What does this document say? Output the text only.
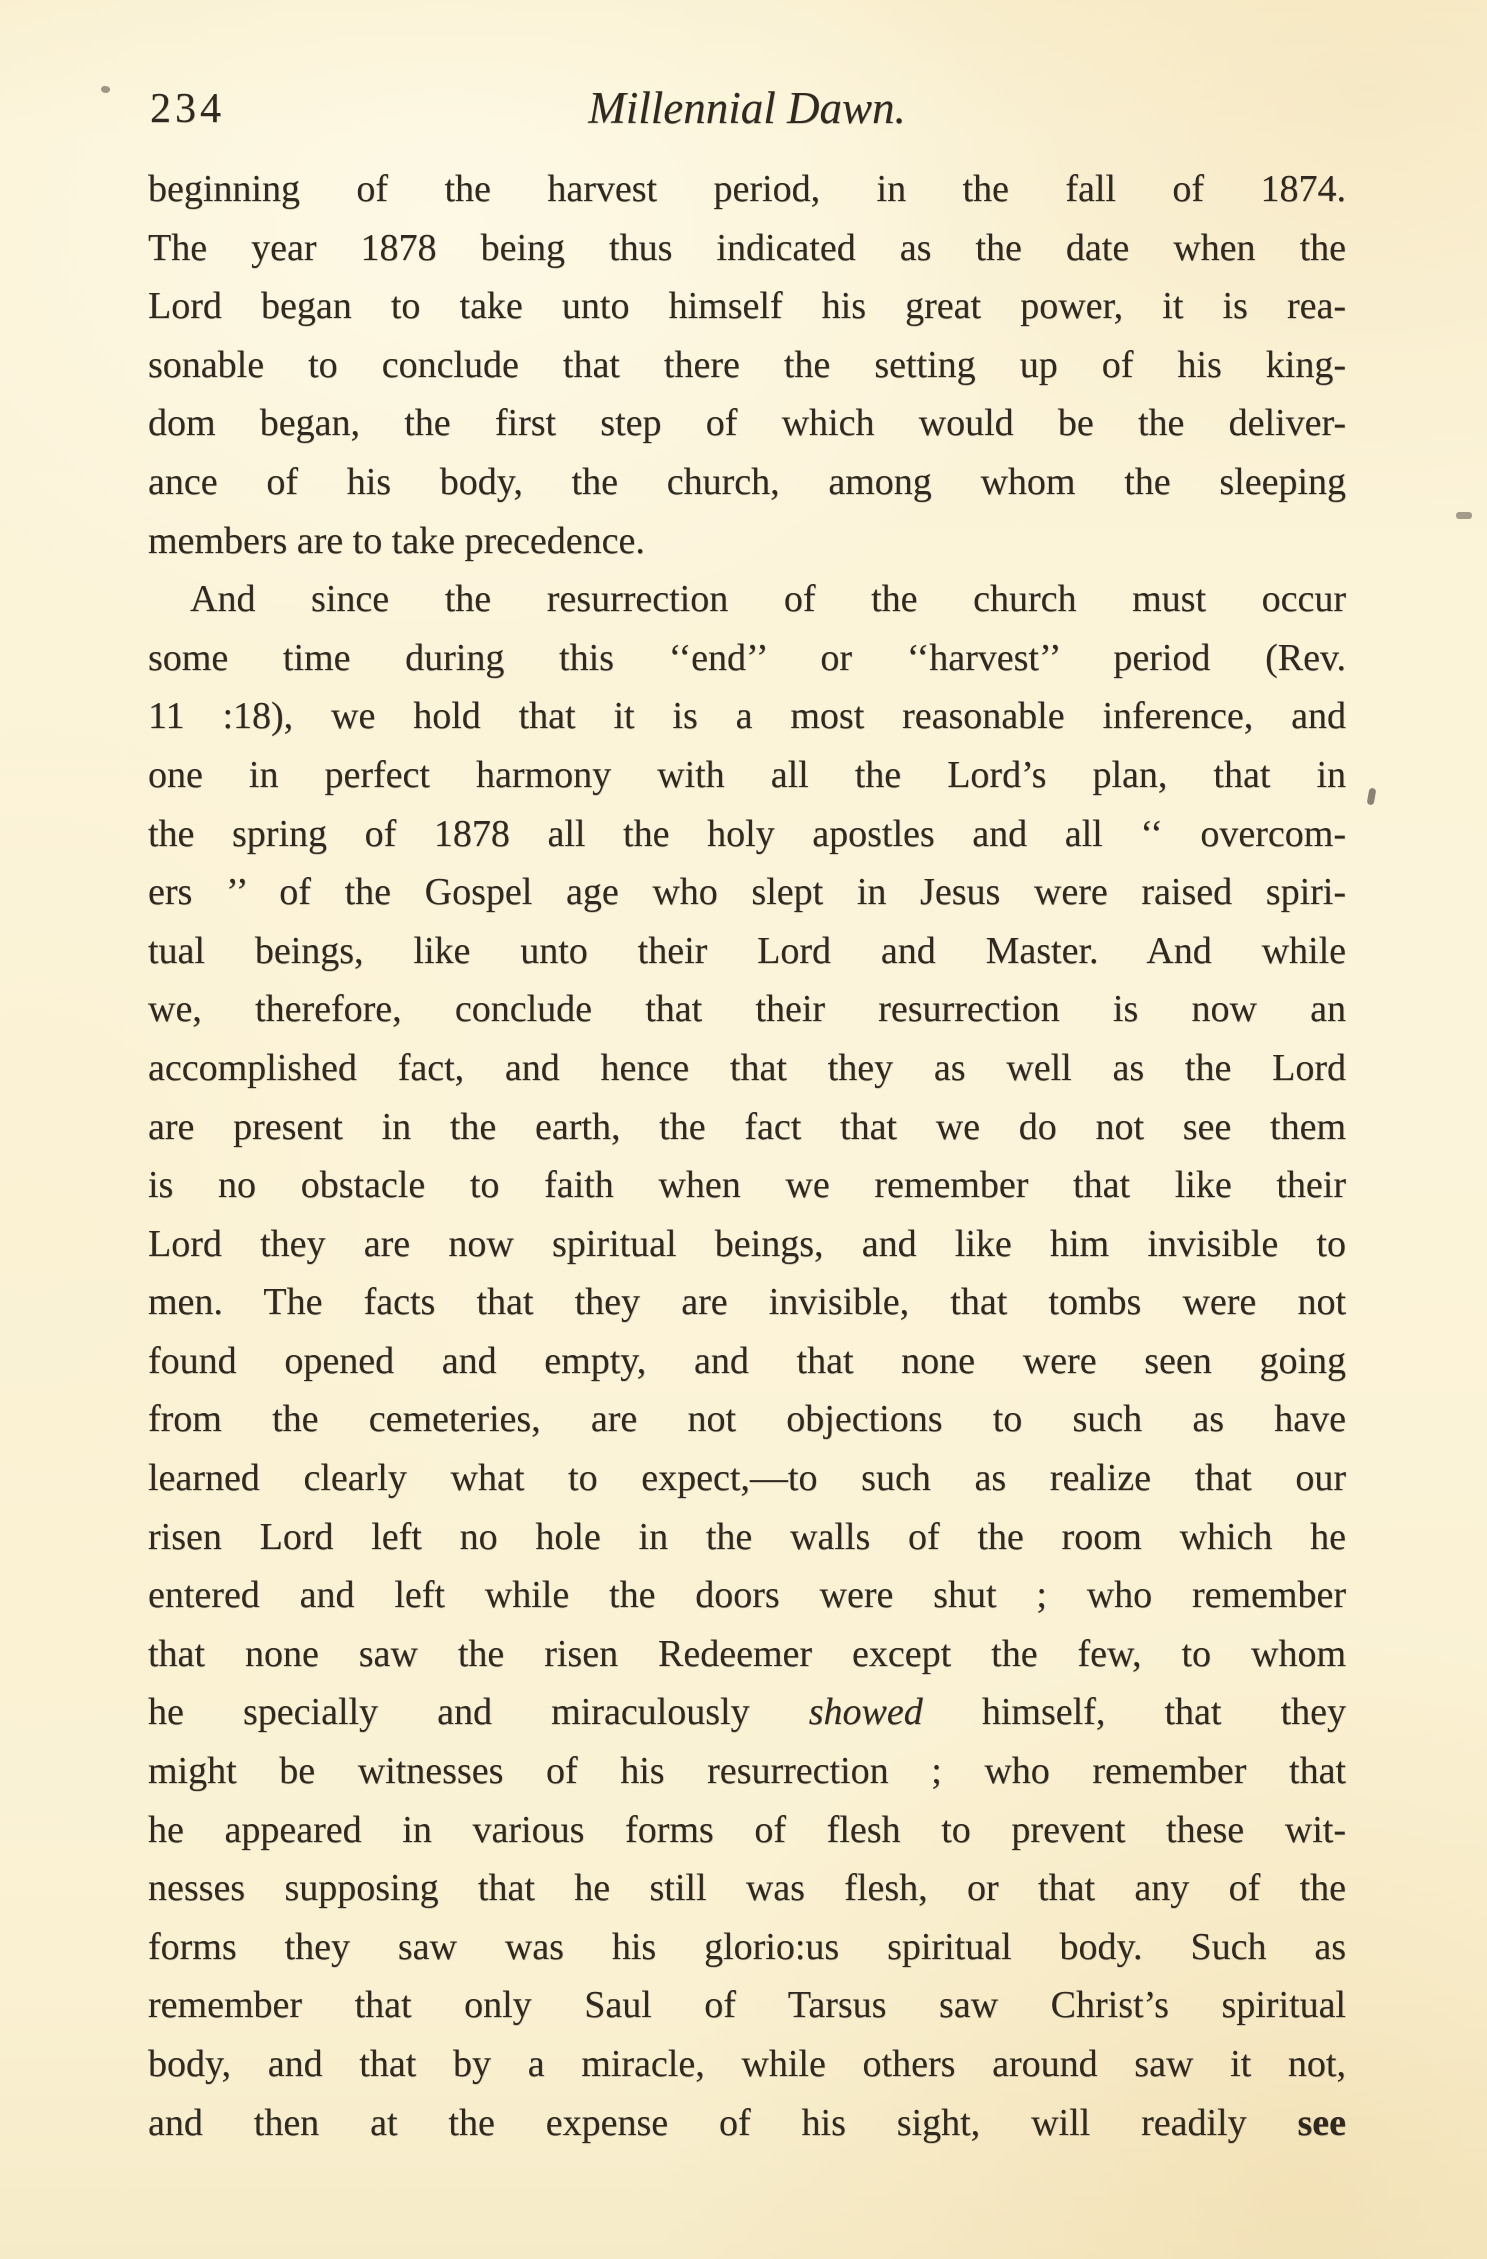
234	Millennial Dawn.
beginning of the harvest period, in the fall of 1874.
The year 1878 being thus indicated as the date when the
Lord began to take unto himself his great power, it is rea-
sonable to conclude that there the setting up of his king-
dom began, the first step of which would be the deliver-
ance of his body, the church, among whom the sleeping
members are to take precedence.
And since the resurrection of the church must occur
some time during this ‘‘end’’ or ‘‘harvest’’ period (Rev.
11 :18), we hold that it is a most reasonable inference, and
one in perfect harmony with all the Lord’s plan, that in
the spring of 1878 all the holy apostles and all ‘‘ overcom-
ers ’’ of the Gospel age who slept in Jesus were raised spiri-
tual beings, like unto their Lord and Master. And while
we, therefore, conclude that their resurrection is now an
accomplished fact, and hence that they as well as the Lord
are present in the earth, the fact that we do not see them
is no obstacle to faith when we remember that like their
Lord they are now spiritual beings, and like him invisible to
men. The facts that they are invisible, that tombs were not
found opened and empty, and that none were seen going
from the cemeteries, are not objections to such as have
learned clearly what to expect,—to such as realize that our
risen Lord left no hole in the walls of the room which he
entered and left while the doors were shut ; who remember
that none saw the risen Redeemer except the few, to whom
he specially and miraculously showed himself, that they
might be witnesses of his resurrection ; who remember that
he appeared in various forms of flesh to prevent these wit-
nesses supposing that he still was flesh, or that any of the
forms they saw was his glorio:us spiritual body. Such as
remember that only Saul of Tarsus saw Christ’s spiritual
body, and that by a miracle, while others around saw it not,
and then at the expense of his sight, will readily see
